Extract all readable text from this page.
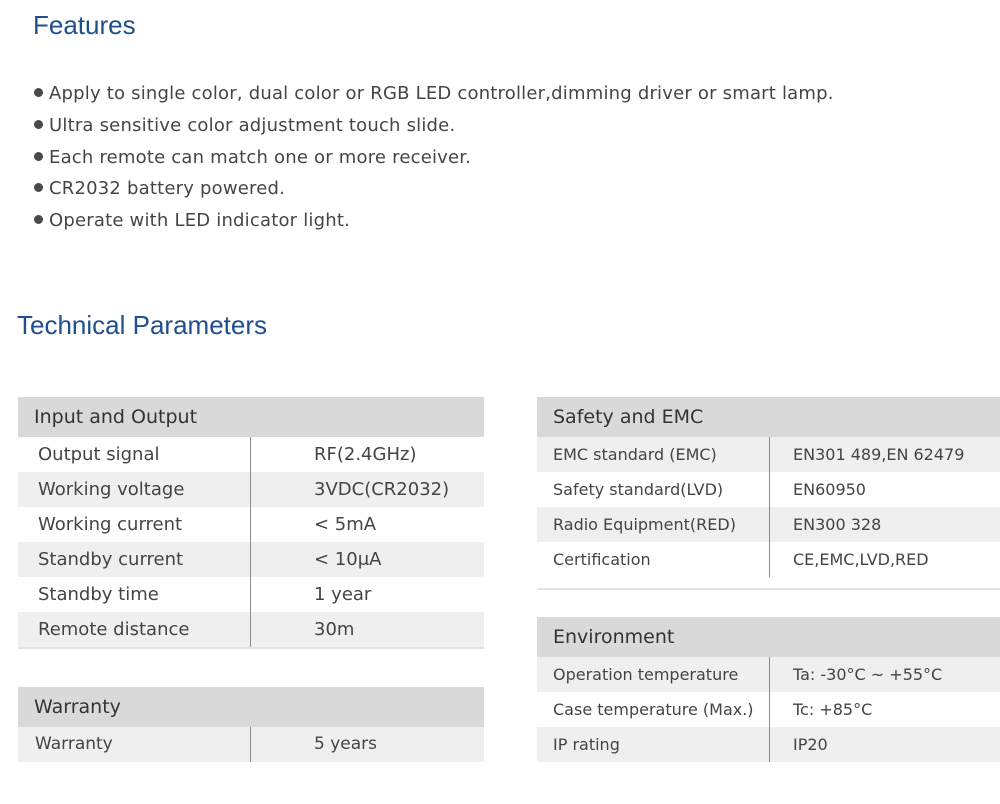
Features
Apply to single color, dual color or RGB LED controller,dimming driver or smart lamp.
Ultra sensitive color adjustment touch slide.
Each remote can match one or more receiver.
CR2032 battery powered.
Operate with LED indicator light.
Technical Parameters
Input and Output
Output signal	RF(2.4GHz)
Working voltage	3VDC(CR2032)
Working current	< 5mA
Standby current	< 10μA
Standby time	1 year
Remote distance	30m
Warranty
Warranty	5 years
Safety and EMC
EMC standard (EMC)	EN301 489,EN 62479
Safety standard(LVD)	EN60950
Radio Equipment(RED)	EN300 328
Certification	CE,EMC,LVD,RED
Environment
Operation temperature	Ta: -30°C ~ +55°C
Case temperature (Max.) Tc: +85°C
IP rating	IP20
